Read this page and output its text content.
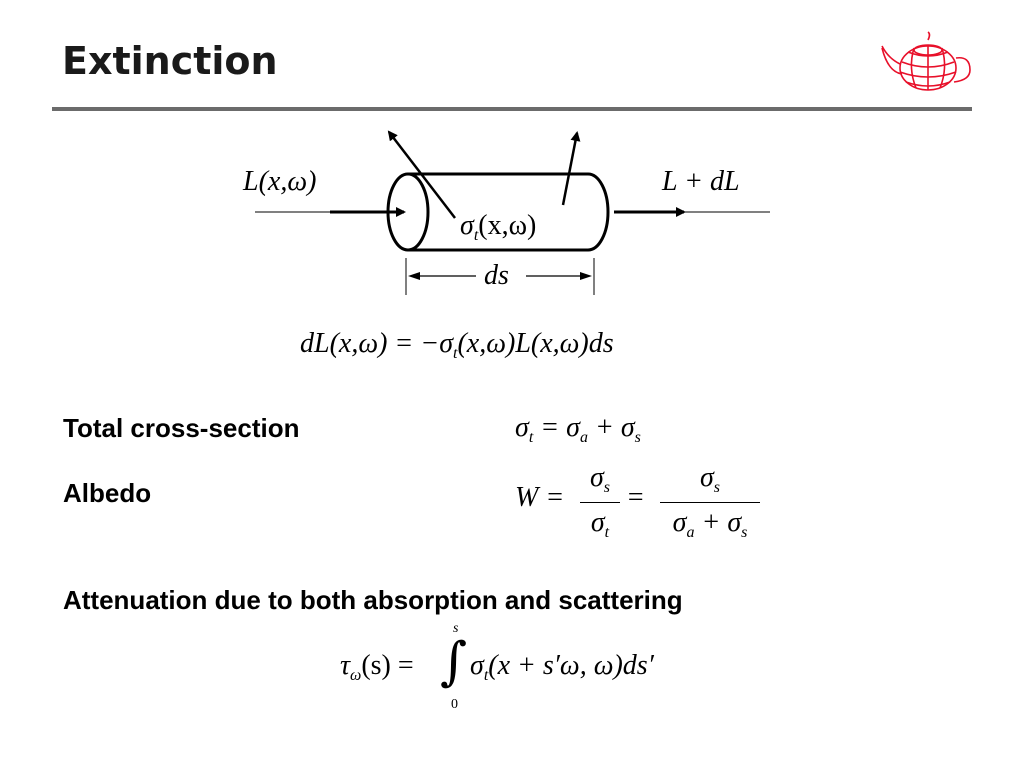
Extinction
L(x,ω)	L + dL
$\sigma_t(x,\omega)$
ds
$dL(x,\omega) = -\sigma_t(x,\omega)L(x,\omega)ds$
Total cross-section	$\sigma_t = \sigma_a + \sigma_s$
Albedo	$W = \frac{\sigma_s}{\sigma_t} = \frac{\sigma_s}{\sigma_a + \sigma_s}$
Attenuation due to both absorption and scattering
$\tau_\omega(s)$ =
s
∫
0
$\sigma_t(x + s'\omega$, ω)ds′
